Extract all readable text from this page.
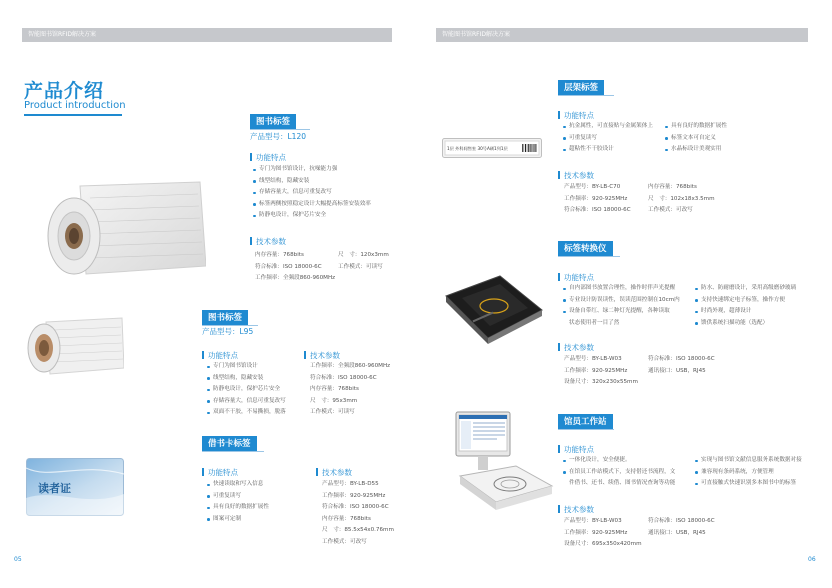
智能图书馆RFID解决方案	智能图书馆RFID解决方案
产品介绍
Product introduction
图书标签
产品型号：L120
功能特点
专门为图书馆设计，抗噪能力强
线型结构，隐藏安装
存储容量大，信息可重复改写
标签两侧按照稳定设计大幅提高标签安装效率
防静电设计，保护芯片安全
技术参数
内存容量：768bits
符合标准：ISO 18000-6C
工作频率：全频段860-960MHz
尺　寸：120x3mm
工作模式：可读写
图书标签
产品型号：L95
功能特点
专门为图书馆设计
线型结构，隐藏安装
防静电设计，保护芯片安全
存储容量大，信息可重复改写
双面不干胶，不易撕损，脱落
技术参数
工作频率：全频段860-960MHz
符合标准：ISO 18000-6C
内存容量：768bits
尺　寸：95x3mm
工作模式：可读写
读者证
借书卡标签
功能特点
快速读取和写入信息
可重复读写
具有良好的数据扩展性
图案可定制
技术参数
产品型号：BY-LB-D55
工作频率：920-925MHz
符合标准：ISO 18000-6C
内存容量：768bits
尺　寸：85.5x54x0.76mm
工作模式：可改写
05
1层 外科间售室 30号A刷1列1层
层架标签
功能特点
抗金属性，可直接贴与金属架体上
可重复读写
超粘性不干胶设计
具有良好的数据扩展性
标签文本可自定义
水晶标设计美观实用
技术参数
产品型号：BY-LB-C70
工作频率：920-925MHz
符合标准：ISO 18000-6C
内存容量：768bits
尺　寸：102x18x3.5mm
工作模式：可改写
标签转换仪
功能特点
自内部图书放置合理性，操作时伴声光提醒
专业设计防误读性，误读范围控制在10cm内
设备自带红、绿二种灯光提醒，各种读取
状态使用者一目了然
防水、防耐磨设计，采用高级磨砂玻璃
支持快速绑定电子标签，操作方便
时尚外观，超薄设计
馈供系统扫描功能（选配）
技术参数
产品型号：BY-LB-W03
工作频率：920-925MHz
设备尺寸：320x230x55mm
符合标准：ISO 18000-6C
通讯接口：USB，RJ45
馆员工作站
功能特点
一体化设计，安全便捷。
在馆员工作站模式下，支持借还书流程，文
件借书、还书、续借、图书情况查询等功能
实现与图书馆文献信息服务系统数据对接
兼容现有条码系统，方便管理
可直接触式快速识别多本图书中的标签
技术参数
产品型号：BY-LB-W03
工作频率：920-925MHz
设备尺寸：695x350x420mm
符合标准：ISO 18000-6C
通讯接口：USB，RJ45
06
